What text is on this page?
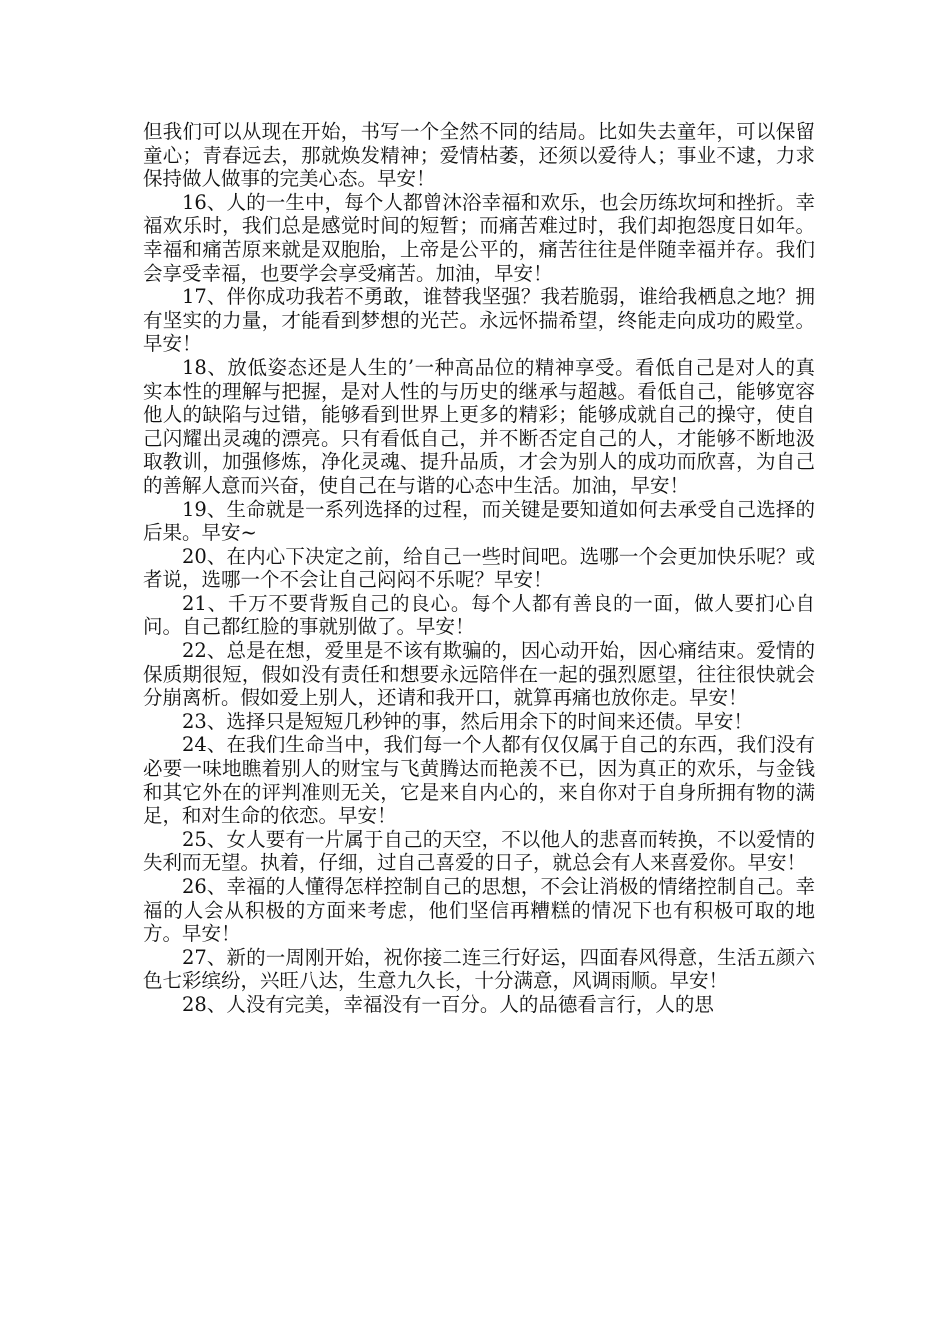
但我们可以从现在开始，书写一个全然不同的结局。比如失去童年，可以保留童心；青春远去，那就焕发精神；爱情枯萎，还须以爱待人；事业不逮，力求保持做人做事的完美心态。早安！

16、人的一生中，每个人都曾沐浴幸福和欢乐，也会历练坎坷和挫折。幸福欢乐时，我们总是感觉时间的短暂；而痛苦难过时，我们却抱怨度日如年。幸福和痛苦原来就是双胞胎，上帝是公平的，痛苦往往是伴随幸福并存。我们会享受幸福，也要学会享受痛苦。加油，早安！

17、伴你成功我若不勇敢，谁替我坚强？我若脆弱，谁给我栖息之地？拥有坚实的力量，才能看到梦想的光芒。永远怀揣希望，终能走向成功的殿堂。早安！

18、放低姿态还是人生的’一种高品位的精神享受。看低自己是对人的真实本性的理解与把握，是对人性的与历史的继承与超越。看低自己，能够宽容他人的缺陷与过错，能够看到世界上更多的精彩；能够成就自己的操守，使自己闪耀出灵魂的漂亮。只有看低自己，并不断否定自己的人，才能够不断地汲取教训，加强修炼，净化灵魂、提升品质，才会为别人的成功而欣喜，为自己的善解人意而兴奋，使自己在与谐的心态中生活。加油，早安！

19、生命就是一系列选择的过程，而关键是要知道如何去承受自己选择的后果。早安~

20、在内心下决定之前，给自己一些时间吧。选哪一个会更加快乐呢？或者说，选哪一个不会让自己闷闷不乐呢？早安！

21、千万不要背叛自己的良心。每个人都有善良的一面，做人要扪心自问。自己都红脸的事就别做了。早安！

22、总是在想，爱里是不该有欺骗的，因心动开始，因心痛结束。爱情的保质期很短，假如没有责任和想要永远陪伴在一起的强烈愿望，往往很快就会分崩离析。假如爱上别人，还请和我开口，就算再痛也放你走。早安！

23、选择只是短短几秒钟的事，然后用余下的时间来还债。早安！

24、在我们生命当中，我们每一个人都有仅仅属于自己的东西，我们没有必要一味地瞧着别人的财宝与飞黄腾达而艳羡不已，因为真正的欢乐，与金钱和其它外在的评判准则无关，它是来自内心的，来自你对于自身所拥有物的满足，和对生命的依恋。早安！

25、女人要有一片属于自己的天空，不以他人的悲喜而转换，不以爱情的失利而无望。执着，仔细，过自己喜爱的日子，就总会有人来喜爱你。早安！

26、幸福的人懂得怎样控制自己的思想，不会让消极的情绪控制自己。幸福的人会从积极的方面来考虑，他们坚信再糟糕的情况下也有积极可取的地方。早安！

27、新的一周刚开始，祝你接二连三行好运，四面春风得意，生活五颜六色七彩缤纷，兴旺八达，生意九久长，十分满意，风调雨顺。早安！

28、人没有完美，幸福没有一百分。人的品德看言行，人的思
